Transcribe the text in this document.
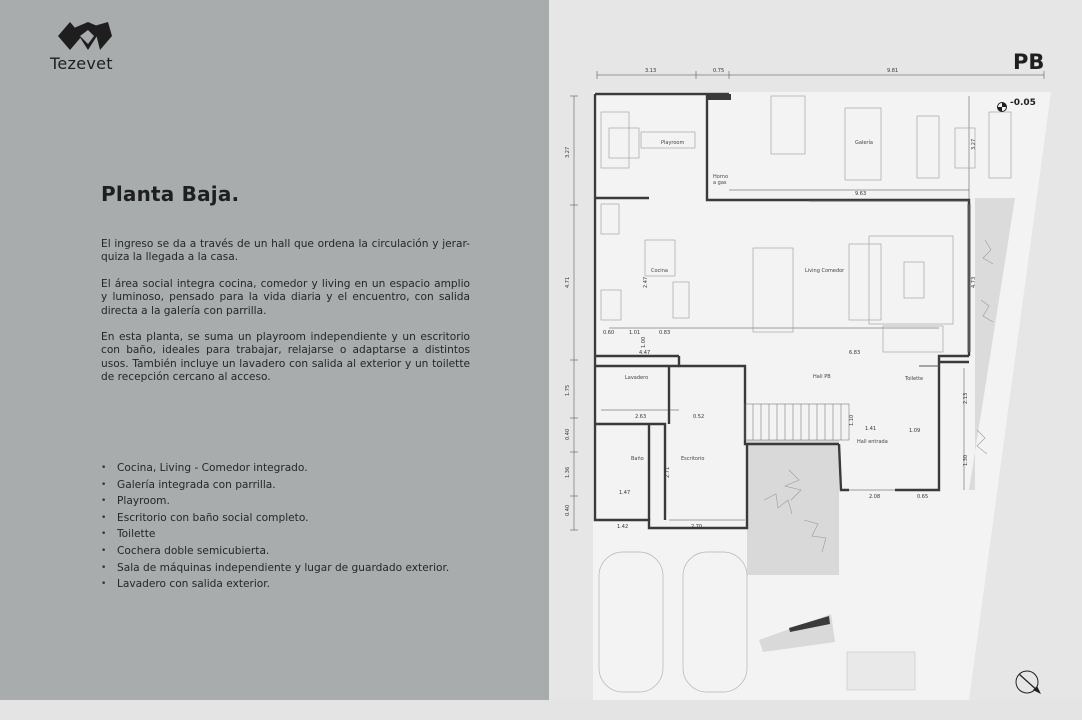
Tezevet
Planta Baja.

El ingreso se da a través de un hall que ordena la circulación y jerar-quiza la llegada a la casa.

El área social integra cocina, comedor y living en un espacio amplio y luminoso, pensado para la vida diaria y el encuentro, con salida directa a la galería con parrilla.

En esta planta, se suma un playroom independiente y un escritorio con baño, ideales para trabajar, relajarse o adaptarse a distintos usos. También incluye un lavadero con salida al exterior y un toilette de recepción cercano al acceso.

• Cocina, Living - Comedor integrado.
• Galería integrada con parrilla.
• Playroom.
• Escritorio con baño social completo.
• Toilette
• Cochera doble semicubierta.
• Sala de máquinas independiente y lugar de guardado exterior.
• Lavadero con salida exterior.
PB
Playroom	Galería
Horno
a gas
Cocina	Living Comedor
Lavadero	Hall PB	Toilette
Baño	Escritorio
Hall entrada
3.13	0.75	9.81
3.27
4.71
1.75
0.40
1.36
0.40
3.27
9.63
4.73
2.47
0.60	1.01	0.83
4.47	6.83
1.00
2.63	0.52	1.10
1.41	1.09
2.13
2.71
1.47
1.42	2.70
2.08	0.65
1.30
-0.05
